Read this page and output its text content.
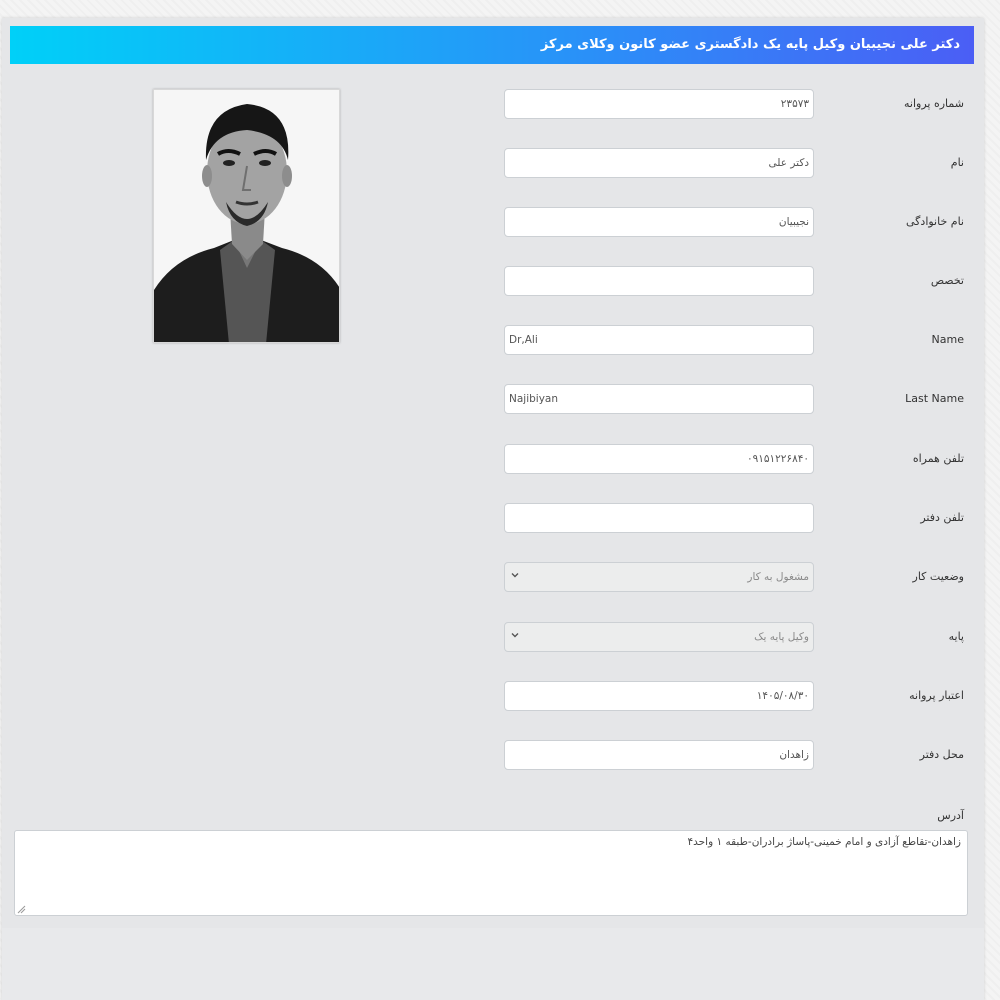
دکتر علی نجیبیان وکیل پایه یک دادگستری عضو کانون وکلای مرکز
شماره پروانه
۲۳۵۷۳
نام
دکتر علی
نام خانوادگی
نجیبیان
تخصص
Name
Dr,Ali
Last Name
Najibiyan
تلفن همراه
۰۹۱۵۱۲۲۶۸۴۰
تلفن دفتر
وضعیت کار
مشغول به کار
پایه
وکیل پایه یک
اعتبار پروانه
۱۴۰۵/۰۸/۳۰
محل دفتر
زاهدان
آدرس
زاهدان-تقاطع آزادی و امام خمینی-پاساژ برادران-طبقه ۱ واحد۴
